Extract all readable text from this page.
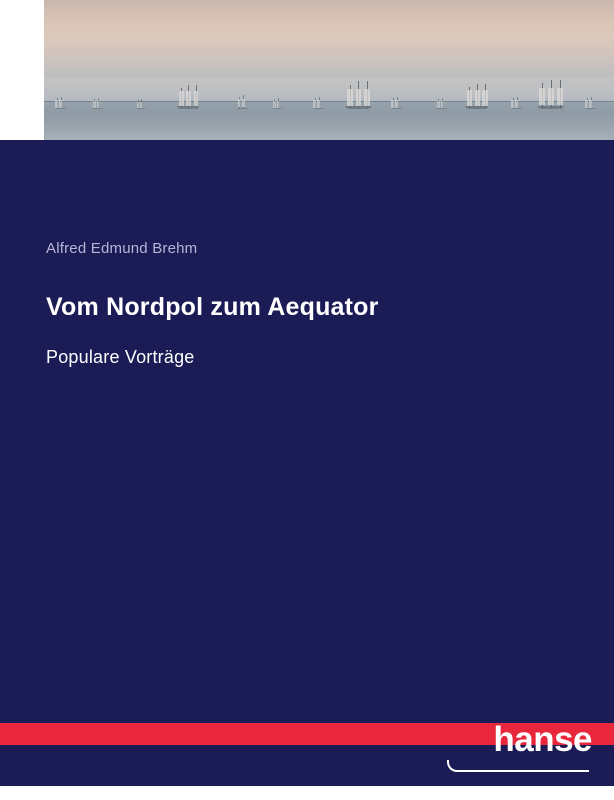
Alfred Edmund Brehm
Vom Nordpol zum Aequator
Populare Vorträge
hanse
